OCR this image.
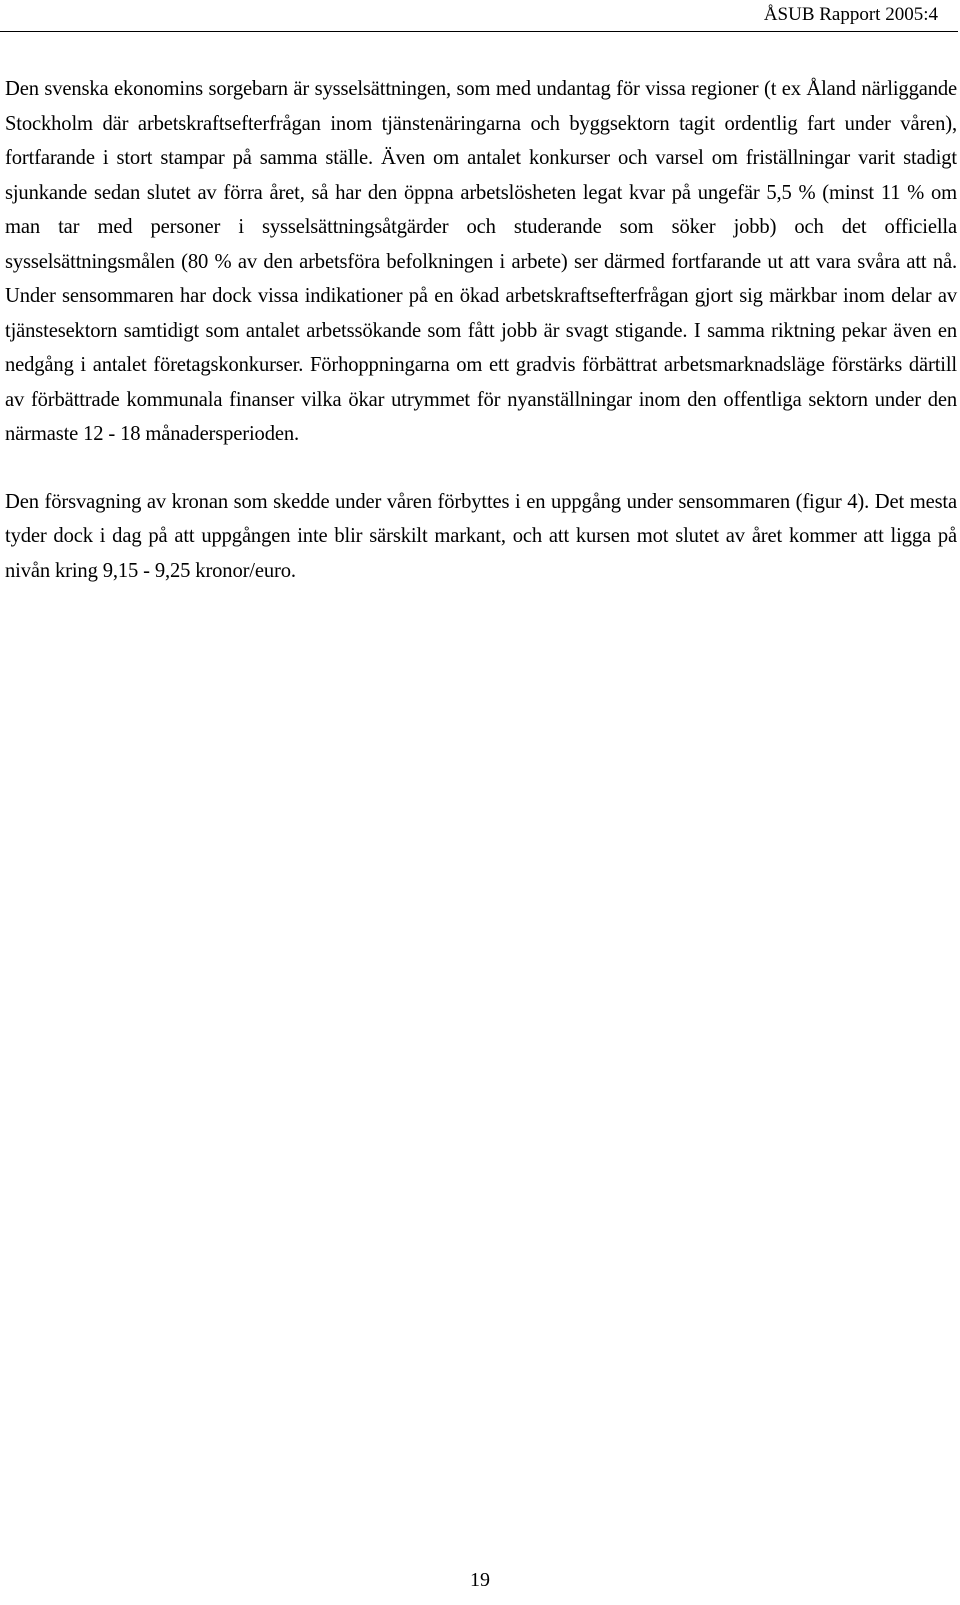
ÅSUB Rapport 2005:4

Den svenska ekonomins sorgebarn är sysselsättningen, som med undantag för vissa regioner (t ex Åland närliggande Stockholm där arbetskraftsefterfrågan inom tjänstenäringarna och byggsektorn tagit ordentlig fart under våren), fortfarande i stort stampar på samma ställe. Även om antalet konkurser och varsel om friställningar varit stadigt sjunkande sedan slutet av förra året, så har den öppna arbetslösheten legat kvar på ungefär 5,5 % (minst 11 % om man tar med personer i sysselsättningsåtgärder och studerande som söker jobb) och det officiella sysselsättningsmålen (80 % av den arbetsföra befolkningen i arbete) ser därmed fortfarande ut att vara svåra att nå. Under sensommaren har dock vissa indikationer på en ökad arbetskraftsefterfrågan gjort sig märkbar inom delar av tjänstesektorn samtidigt som antalet arbetssökande som fått jobb är svagt stigande. I samma riktning pekar även en nedgång i antalet företagskonkurser. Förhoppningarna om ett gradvis förbättrat arbetsmarknadsläge förstärks därtill av förbättrade kommunala finanser vilka ökar utrymmet för nyanställningar inom den offentliga sektorn under den närmaste 12 - 18 månadersperioden.

Den försvagning av kronan som skedde under våren förbyttes i en uppgång under sensommaren (figur 4). Det mesta tyder dock i dag på att uppgången inte blir särskilt markant, och att kursen mot slutet av året kommer att ligga på nivån kring 9,15 - 9,25 kronor/euro.

19
